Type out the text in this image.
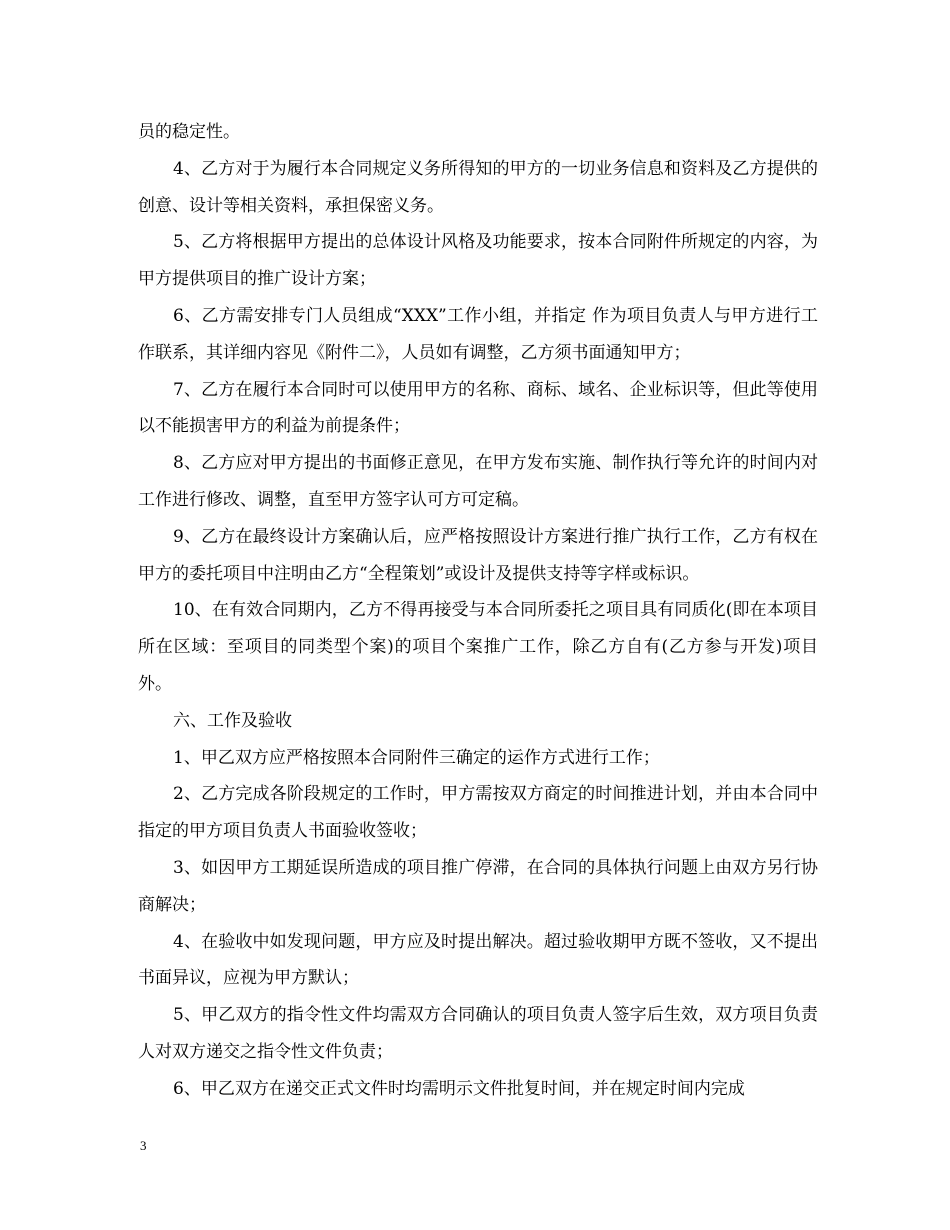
员的稳定性。

4、乙方对于为履行本合同规定义务所得知的甲方的一切业务信息和资料及乙方提供的创意、设计等相关资料，承担保密义务。

5、乙方将根据甲方提出的总体设计风格及功能要求，按本合同附件所规定的内容，为甲方提供项目的推广设计方案；

6、乙方需安排专门人员组成“XXX”工作小组，并指定 作为项目负责人与甲方进行工作联系，其详细内容见《附件二》，人员如有调整，乙方须书面通知甲方；

7、乙方在履行本合同时可以使用甲方的名称、商标、域名、企业标识等，但此等使用以不能损害甲方的利益为前提条件；

8、乙方应对甲方提出的书面修正意见，在甲方发布实施、制作执行等允许的时间内对工作进行修改、调整，直至甲方签字认可方可定稿。

9、乙方在最终设计方案确认后，应严格按照设计方案进行推广执行工作，乙方有权在甲方的委托项目中注明由乙方“全程策划”或设计及提供支持等字样或标识。

10、在有效合同期内，乙方不得再接受与本合同所委托之项目具有同质化(即在本项目所在区域：至项目的同类型个案)的项目个案推广工作，除乙方自有(乙方参与开发)项目外。

六、工作及验收

1、甲乙双方应严格按照本合同附件三确定的运作方式进行工作；

2、乙方完成各阶段规定的工作时，甲方需按双方商定的时间推进计划，并由本合同中指定的甲方项目负责人书面验收签收；

3、如因甲方工期延误所造成的项目推广停滞，在合同的具体执行问题上由双方另行协商解决；

4、在验收中如发现问题，甲方应及时提出解决。超过验收期甲方既不签收，又不提出书面异议，应视为甲方默认；

5、甲乙双方的指令性文件均需双方合同确认的项目负责人签字后生效，双方项目负责人对双方递交之指令性文件负责；

6、甲乙双方在递交正式文件时均需明示文件批复时间，并在规定时间内完成

3
